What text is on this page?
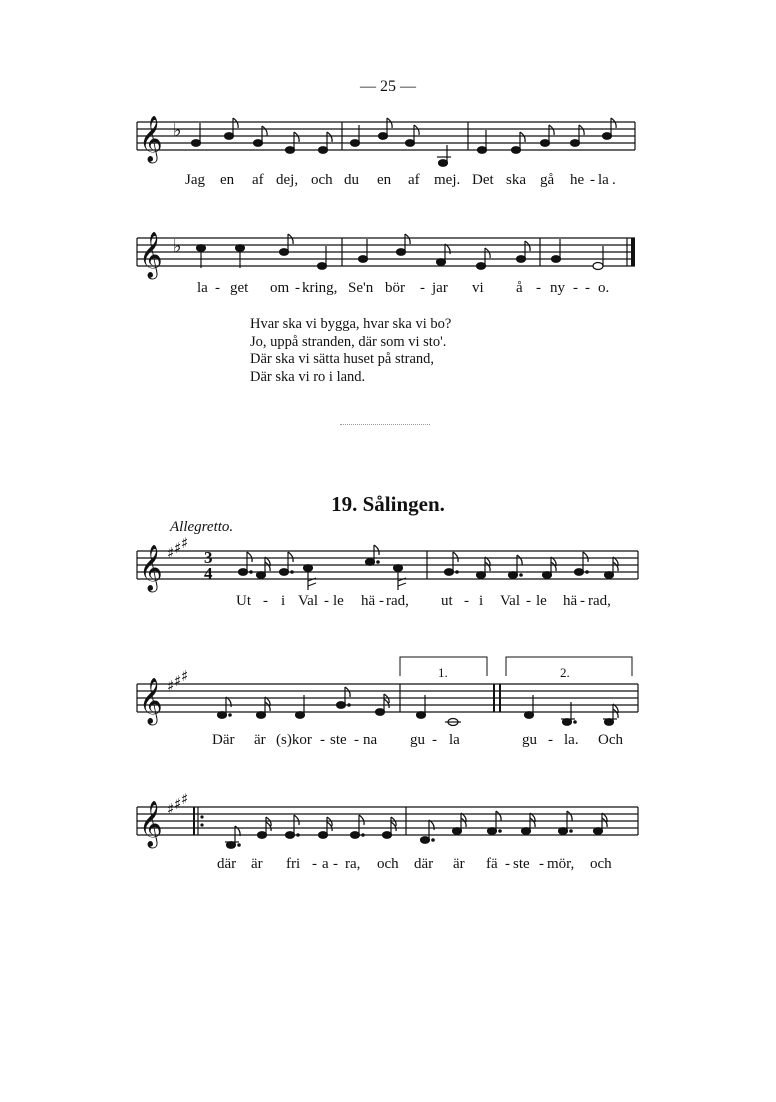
— 25 —
𝄞 ♭
Jag en af dej, och du en af mej. Det ska gå he - la .
𝄞 ♭
la - get om - kring, Se'n bör - jar vi å - ny - - o.
Hvar ska vi bygga, hvar ska vi bo?
Jo, uppå stranden, där som vi sto'.
Där ska vi sätta huset på strand,
Där ska vi ro i land.
19. Sålingen.
Allegretto.
𝄞 ♯ ♯ ♯
3
4
Ut - i Val - le hä - rad, ut - i Val - le hä - rad,
𝄞 ♯ ♯ ♯	1.	2.
Där är (s)kor - ste - na gu - la	gu - la. Och
𝄞 ♯ ♯ ♯
där är fri - a - ra, och där är fä - ste - mör, och
